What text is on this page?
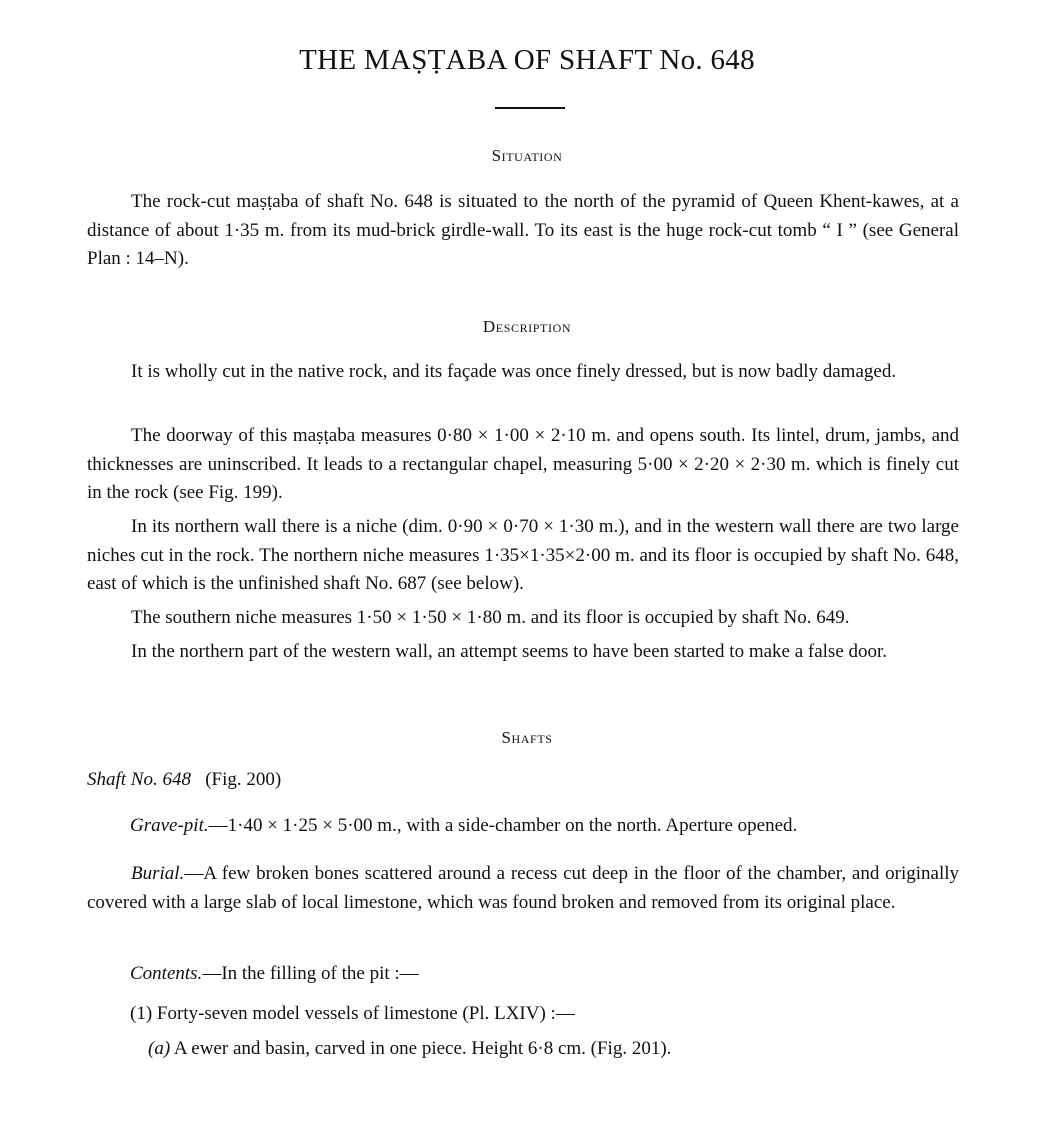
THE MAṢṬABA OF SHAFT No. 648
Situation
The rock-cut maṣṭaba of shaft No. 648 is situated to the north of the pyramid of Queen Khent-kawes, at a distance of about 1·35 m. from its mud-brick girdle-wall. To its east is the huge rock-cut tomb “ I ” (see General Plan : 14–N).
Description
It is wholly cut in the native rock, and its façade was once finely dressed, but is now badly damaged.
The doorway of this maṣṭaba measures 0·80 × 1·00 × 2·10 m. and opens south. Its lintel, drum, jambs, and thicknesses are uninscribed. It leads to a rectangular chapel, measuring 5·00 × 2·20 × 2·30 m. which is finely cut in the rock (see Fig. 199).
In its northern wall there is a niche (dim. 0·90 × 0·70 × 1·30 m.), and in the western wall there are two large niches cut in the rock. The northern niche measures 1·35×1·35×2·00 m. and its floor is occupied by shaft No. 648, east of which is the unfinished shaft No. 687 (see below).
The southern niche measures 1·50 × 1·50 × 1·80 m. and its floor is occupied by shaft No. 649.
In the northern part of the western wall, an attempt seems to have been started to make a false door.
Shafts
Shaft No. 648 (Fig. 200)
Grave-pit.—1·40 × 1·25 × 5·00 m., with a side-chamber on the north. Aperture opened.
Burial.—A few broken bones scattered around a recess cut deep in the floor of the chamber, and originally covered with a large slab of local limestone, which was found broken and removed from its original place.
Contents.—In the filling of the pit :—
(1) Forty-seven model vessels of limestone (Pl. LXIV) :—
(a) A ewer and basin, carved in one piece. Height 6·8 cm. (Fig. 201).
